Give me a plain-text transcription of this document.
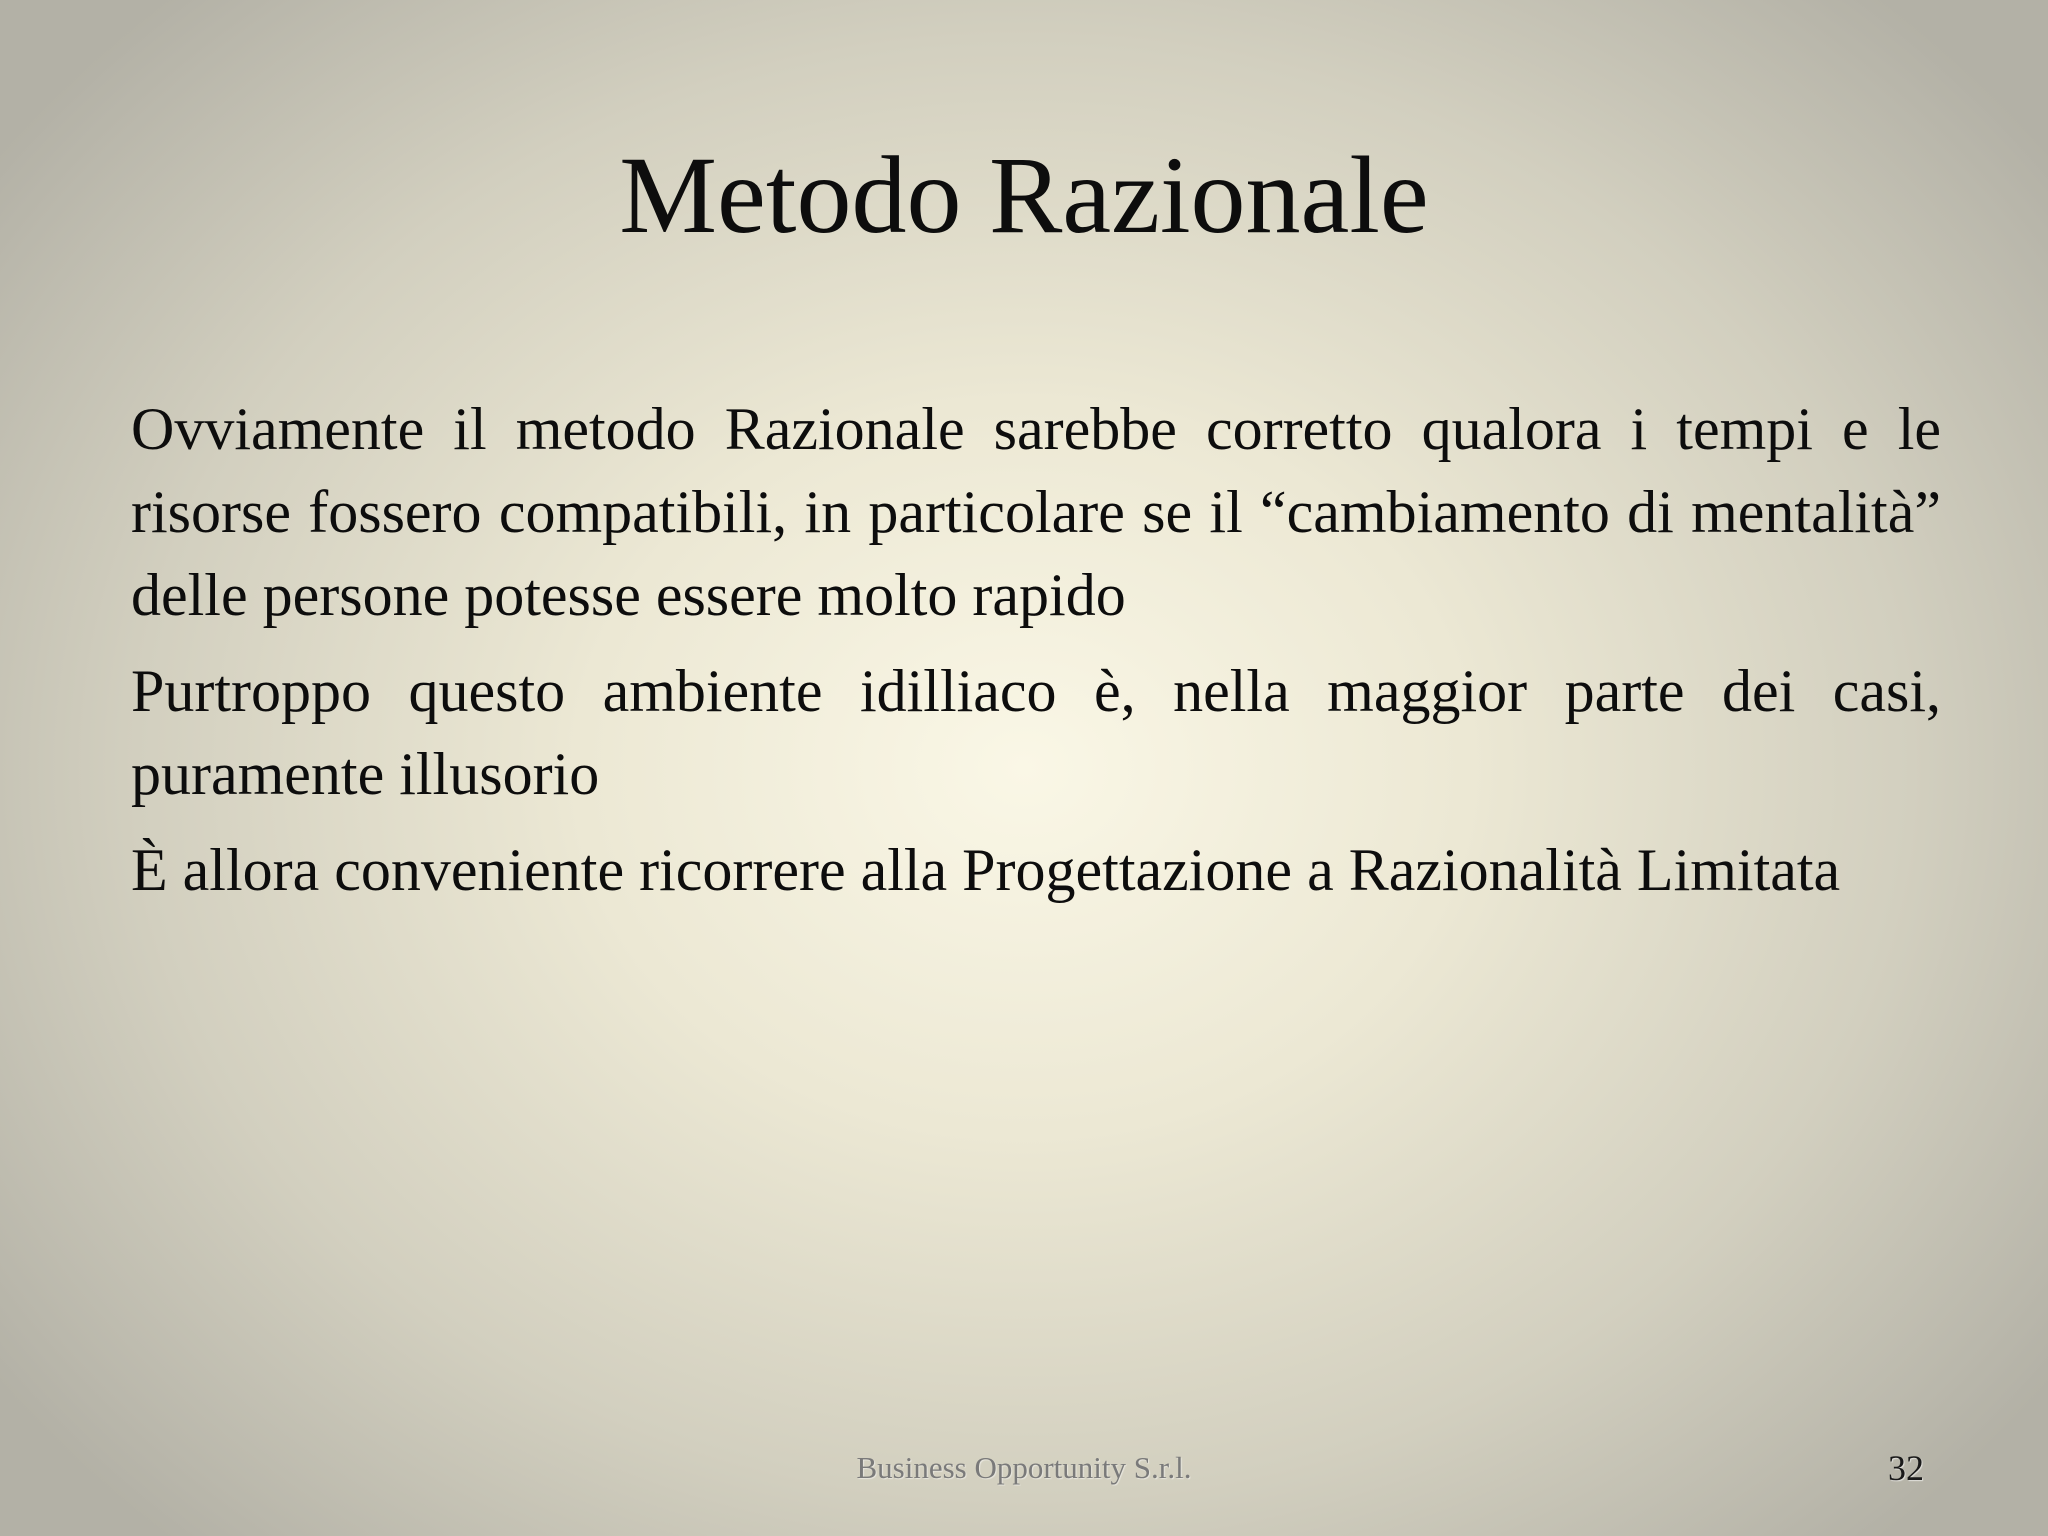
Metodo Razionale

Ovviamente il metodo Razionale sarebbe corretto qualora i tempi e le risorse fossero compatibili, in particolare se il “cambiamento di mentalità” delle persone potesse essere molto rapido

Purtroppo questo ambiente idilliaco è, nella maggior parte dei casi, puramente illusorio

È allora conveniente ricorrere alla Progettazione a Razionalità Limitata

Business Opportunity S.r.l.	32
